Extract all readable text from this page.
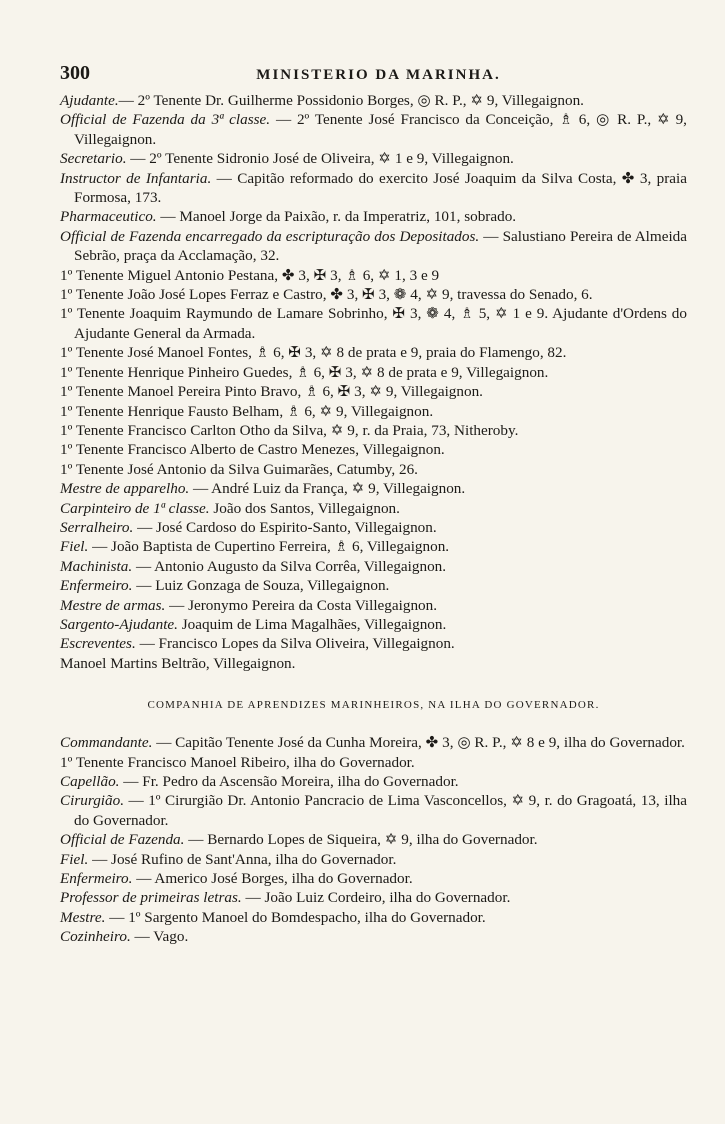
300	MINISTERIO DA MARINHA.
Ajudante.— 2º Tenente Dr. Guilherme Possidonio Borges, ◎ R. P., ✡ 9, Villegaignon.
Official de Fazenda da 3ª classe. — 2º Tenente José Francisco da Conceição, ♗ 6, ◎ R. P., ✡ 9, Villegaignon.
Secretario. — 2º Tenente Sidronio José de Oliveira, ✡ 1 e 9, Villegaignon.
Instructor de Infantaria. — Capitão reformado do exercito José Joaquim da Silva Costa, ✤ 3, praia Formosa, 173.
Pharmaceutico. — Manoel Jorge da Paixão, r. da Imperatriz, 101, sobrado.
Official de Fazenda encarregado da escripturação dos Depositados. — Salustiano Pereira de Almeida Sebrão, praça da Acclamação, 32.
1º Tenente Miguel Antonio Pestana, ✤ 3, ✠ 3, ♗ 6, ✡ 1, 3 e 9
1º Tenente João José Lopes Ferraz e Castro, ✤ 3, ✠ 3, ❁ 4, ✡ 9, travessa do Senado, 6.
1º Tenente Joaquim Raymundo de Lamare Sobrinho, ✠ 3, ❁ 4, ♗ 5, ✡ 1 e 9. Ajudante d'Ordens do Ajudante General da Armada.
1º Tenente José Manoel Fontes, ♗ 6, ✠ 3, ✡ 8 de prata e 9, praia do Flamengo, 82.
1º Tenente Henrique Pinheiro Guedes, ♗ 6, ✠ 3, ✡ 8 de prata e 9, Villegaignon.
1º Tenente Manoel Pereira Pinto Bravo, ♗ 6, ✠ 3, ✡ 9, Villegaignon.
1º Tenente Henrique Fausto Belham, ♗ 6, ✡ 9, Villegaignon.
1º Tenente Francisco Carlton Otho da Silva, ✡ 9, r. da Praia, 73, Nitheroby.
1º Tenente Francisco Alberto de Castro Menezes, Villegaignon.
1º Tenente José Antonio da Silva Guimarães, Catumby, 26.
Mestre de apparelho. — André Luiz da França, ✡ 9, Villegaignon.
Carpinteiro de 1ª classe. João dos Santos, Villegaignon.
Serralheiro. — José Cardoso do Espirito-Santo, Villegaignon.
Fiel. — João Baptista de Cupertino Ferreira, ♗ 6, Villegaignon.
Machinista. — Antonio Augusto da Silva Corrêa, Villegaignon.
Enfermeiro. — Luiz Gonzaga de Souza, Villegaignon.
Mestre de armas. — Jeronymo Pereira da Costa Villegaignon.
Sargento-Ajudante. Joaquim de Lima Magalhães, Villegaignon.
Escreventes. — Francisco Lopes da Silva Oliveira, Villegaignon.
Manoel Martins Beltrão, Villegaignon.
COMPANHIA DE APRENDIZES MARINHEIROS, NA ILHA DO GOVERNADOR.
Commandante. — Capitão Tenente José da Cunha Moreira, ✤ 3, ◎ R. P., ✡ 8 e 9, ilha do Governador.
1º Tenente Francisco Manoel Ribeiro, ilha do Governador.
Capellão. — Fr. Pedro da Ascensão Moreira, ilha do Governador.
Cirurgião. — 1º Cirurgião Dr. Antonio Pancracio de Lima Vasconcellos, ✡ 9, r. do Gragoatá, 13, ilha do Governador.
Official de Fazenda. — Bernardo Lopes de Siqueira, ✡ 9, ilha do Governador.
Fiel. — José Rufino de Sant'Anna, ilha do Governador.
Enfermeiro. — Americo José Borges, ilha do Governador.
Professor de primeiras letras. — João Luiz Cordeiro, ilha do Governador.
Mestre. — 1º Sargento Manoel do Bomdespacho, ilha do Governador.
Cozinheiro. — Vago.
